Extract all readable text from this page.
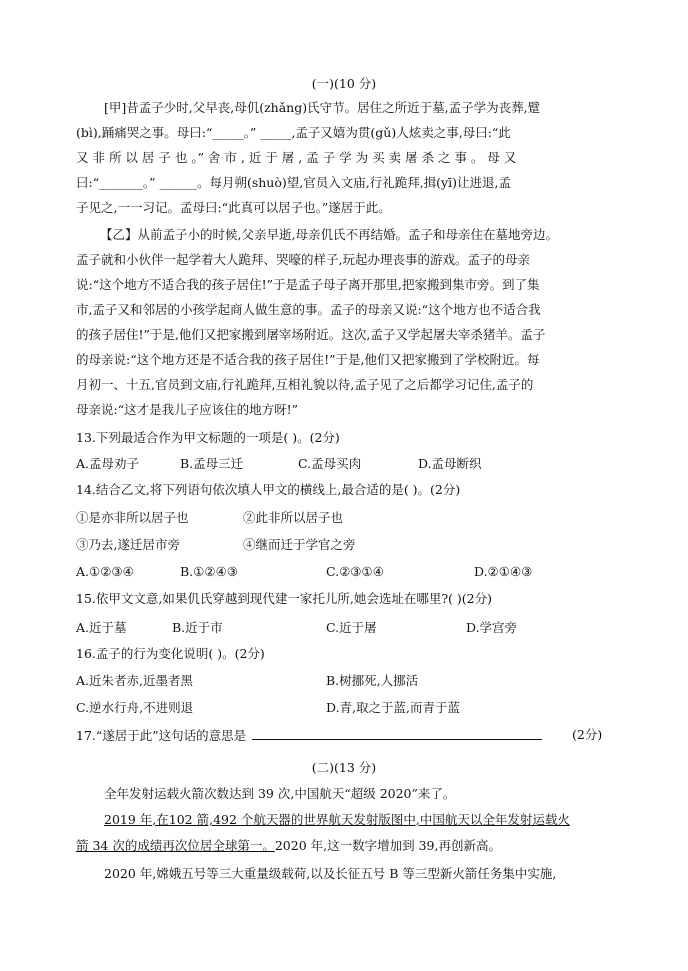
(一)(10 分)
[甲]昔孟子少时,父早丧,母仉(zhǎng)氏守节。居住之所近于墓,孟子学为丧葬,躄
(bì),踊痛哭之事。母曰:“_____。” _____,孟子又嬉为贯(gǔ)人炫卖之事,母曰:“此
又 非 所 以 居 子 也 。” 舍 市 , 近 于 屠 , 孟 子 学 为 买 卖 屠 杀 之 事 。 母 又
曰:“_______。” ______。每月朔(shuò)望,官员入文庙,行礼跪拜,揖(yī)让进退,孟
子见之,一一习记。孟母曰:“此真可以居子也。”遂居于此。
【乙】从前孟子小的时候,父亲早逝,母亲仉氏不再结婚。孟子和母亲住在墓地旁边。
孟子就和小伙伴一起学着大人跪拜、哭嚎的样子,玩起办理丧事的游戏。孟子的母亲
说:“这个地方不适合我的孩子居住!”于是孟子母子离开那里,把家搬到集市旁。到了集
市,孟子又和邻居的小孩学起商人做生意的事。孟子的母亲又说:“这个地方也不适合我
的孩子居住!”于是,他们又把家搬到屠宰场附近。这次,孟子又学起屠夫宰杀猪羊。孟子
的母亲说:“这个地方还是不适合我的孩子居住!”于是,他们又把家搬到了学校附近。每
月初一、十五,官员到文庙,行礼跪拜,互相礼貌以待,孟子见了之后都学习记住,孟子的
母亲说:“这才是我儿子应该住的地方呀!”
13.下列最适合作为甲文标题的一项是( )。(2分)
A.孟母劝子	B.孟母三迁	C.孟母买肉	D.孟母断织
14.结合乙文,将下列语句依次填人甲文的横线上,最合适的是( )。(2分)
①是亦非所以居子也	②此非所以居子也
③乃去,遂迁居市旁	④继而迁于学官之旁
A.①②③④	B.①②④③	C.②③①④	D.②①④③
15.依甲文文意,如果仉氏穿越到现代建一家托儿所,她会选址在哪里?( )(2分)
A.近于墓	B.近于市	C.近于屠	D.学宫旁
16.孟子的行为变化说明( )。(2分)
A.近朱者赤,近墨者黑	B.树挪死,人挪活
C.逆水行舟,不进则退	D.青,取之于蓝,而青于蓝
17.“遂居于此”这句话的意思是	(2分)
(二)(13 分)
全年发射运载火箭次数达到 39 次,中国航天“超级 2020”来了。
2019 年,在102 箭,492 个航天器的世界航天发射版图中,中国航天以全年发射运载火
箭 34 次的成绩再次位居全球第一。2020 年,这一数字增加到 39,再创新高。
2020 年,嫦娥五号等三大重量级载荷,以及长征五号 B 等三型新火箭任务集中实施,
